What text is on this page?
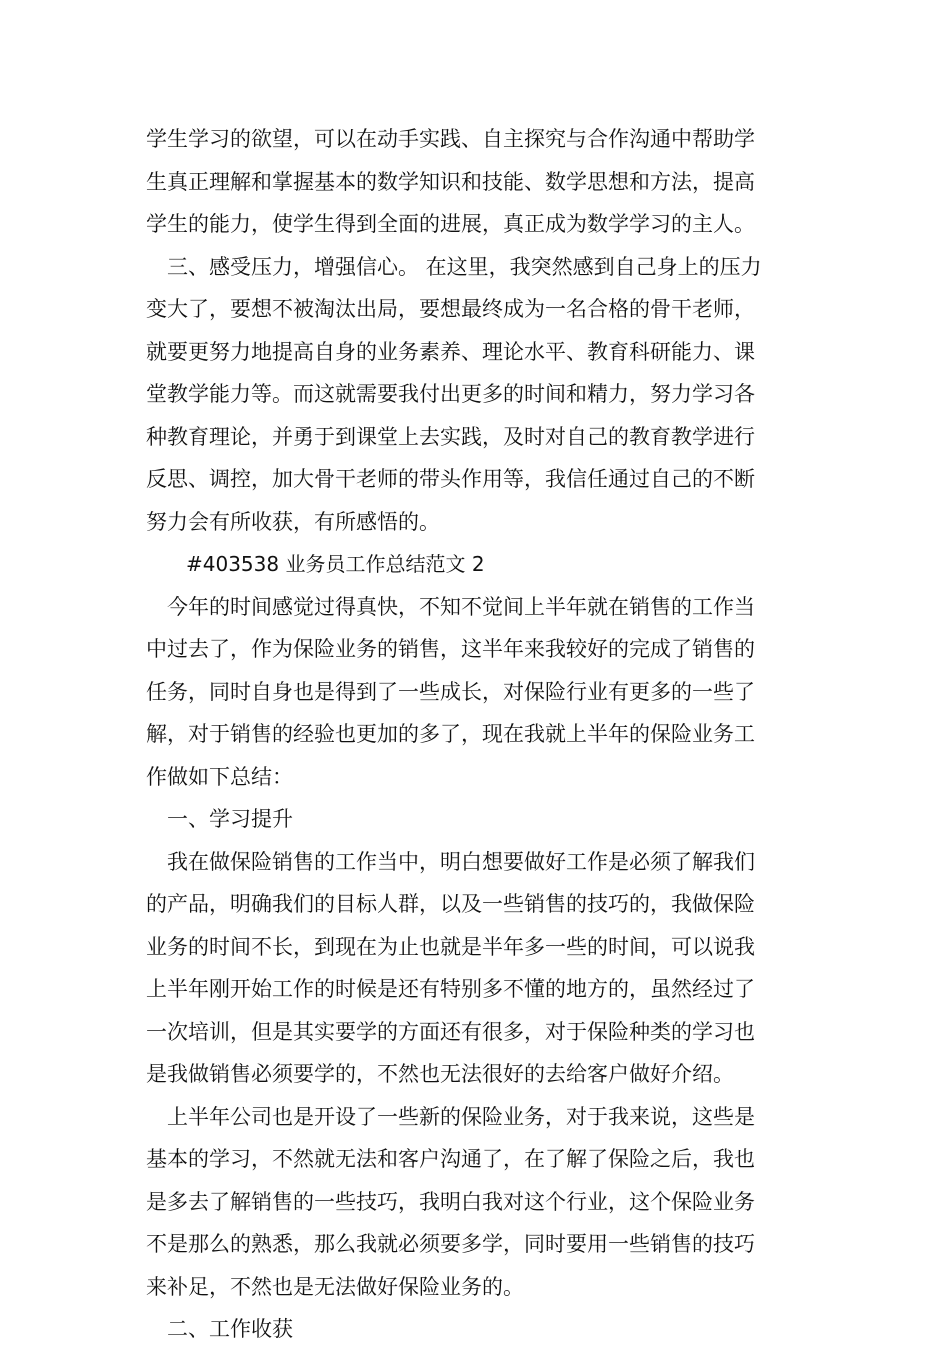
学生学习的欲望，可以在动手实践、自主探究与合作沟通中帮助学
生真正理解和掌握基本的数学知识和技能、数学思想和方法，提高
学生的能力，使学生得到全面的进展，真正成为数学学习的主人。
三、感受压力，增强信心。 在这里，我突然感到自己身上的压力
变大了，要想不被淘汰出局，要想最终成为一名合格的骨干老师，
就要更努力地提高自身的业务素养、理论水平、教育科研能力、课
堂教学能力等。而这就需要我付出更多的时间和精力，努力学习各
种教育理论，并勇于到课堂上去实践，及时对自己的教育教学进行
反思、调控，加大骨干老师的带头作用等，我信任通过自己的不断
努力会有所收获，有所感悟的。
#403538 业务员工作总结范文 2
今年的时间感觉过得真快，不知不觉间上半年就在销售的工作当
中过去了，作为保险业务的销售，这半年来我较好的完成了销售的
任务，同时自身也是得到了一些成长，对保险行业有更多的一些了
解，对于销售的经验也更加的多了，现在我就上半年的保险业务工
作做如下总结：
一、学习提升
我在做保险销售的工作当中，明白想要做好工作是必须了解我们
的产品，明确我们的目标人群，以及一些销售的技巧的，我做保险
业务的时间不长，到现在为止也就是半年多一些的时间，可以说我
上半年刚开始工作的时候是还有特别多不懂的地方的，虽然经过了
一次培训，但是其实要学的方面还有很多，对于保险种类的学习也
是我做销售必须要学的，不然也无法很好的去给客户做好介绍。
上半年公司也是开设了一些新的保险业务，对于我来说，这些是
基本的学习，不然就无法和客户沟通了，在了解了保险之后，我也
是多去了解销售的一些技巧，我明白我对这个行业，这个保险业务
不是那么的熟悉，那么我就必须要多学，同时要用一些销售的技巧
来补足，不然也是无法做好保险业务的。
二、工作收获
